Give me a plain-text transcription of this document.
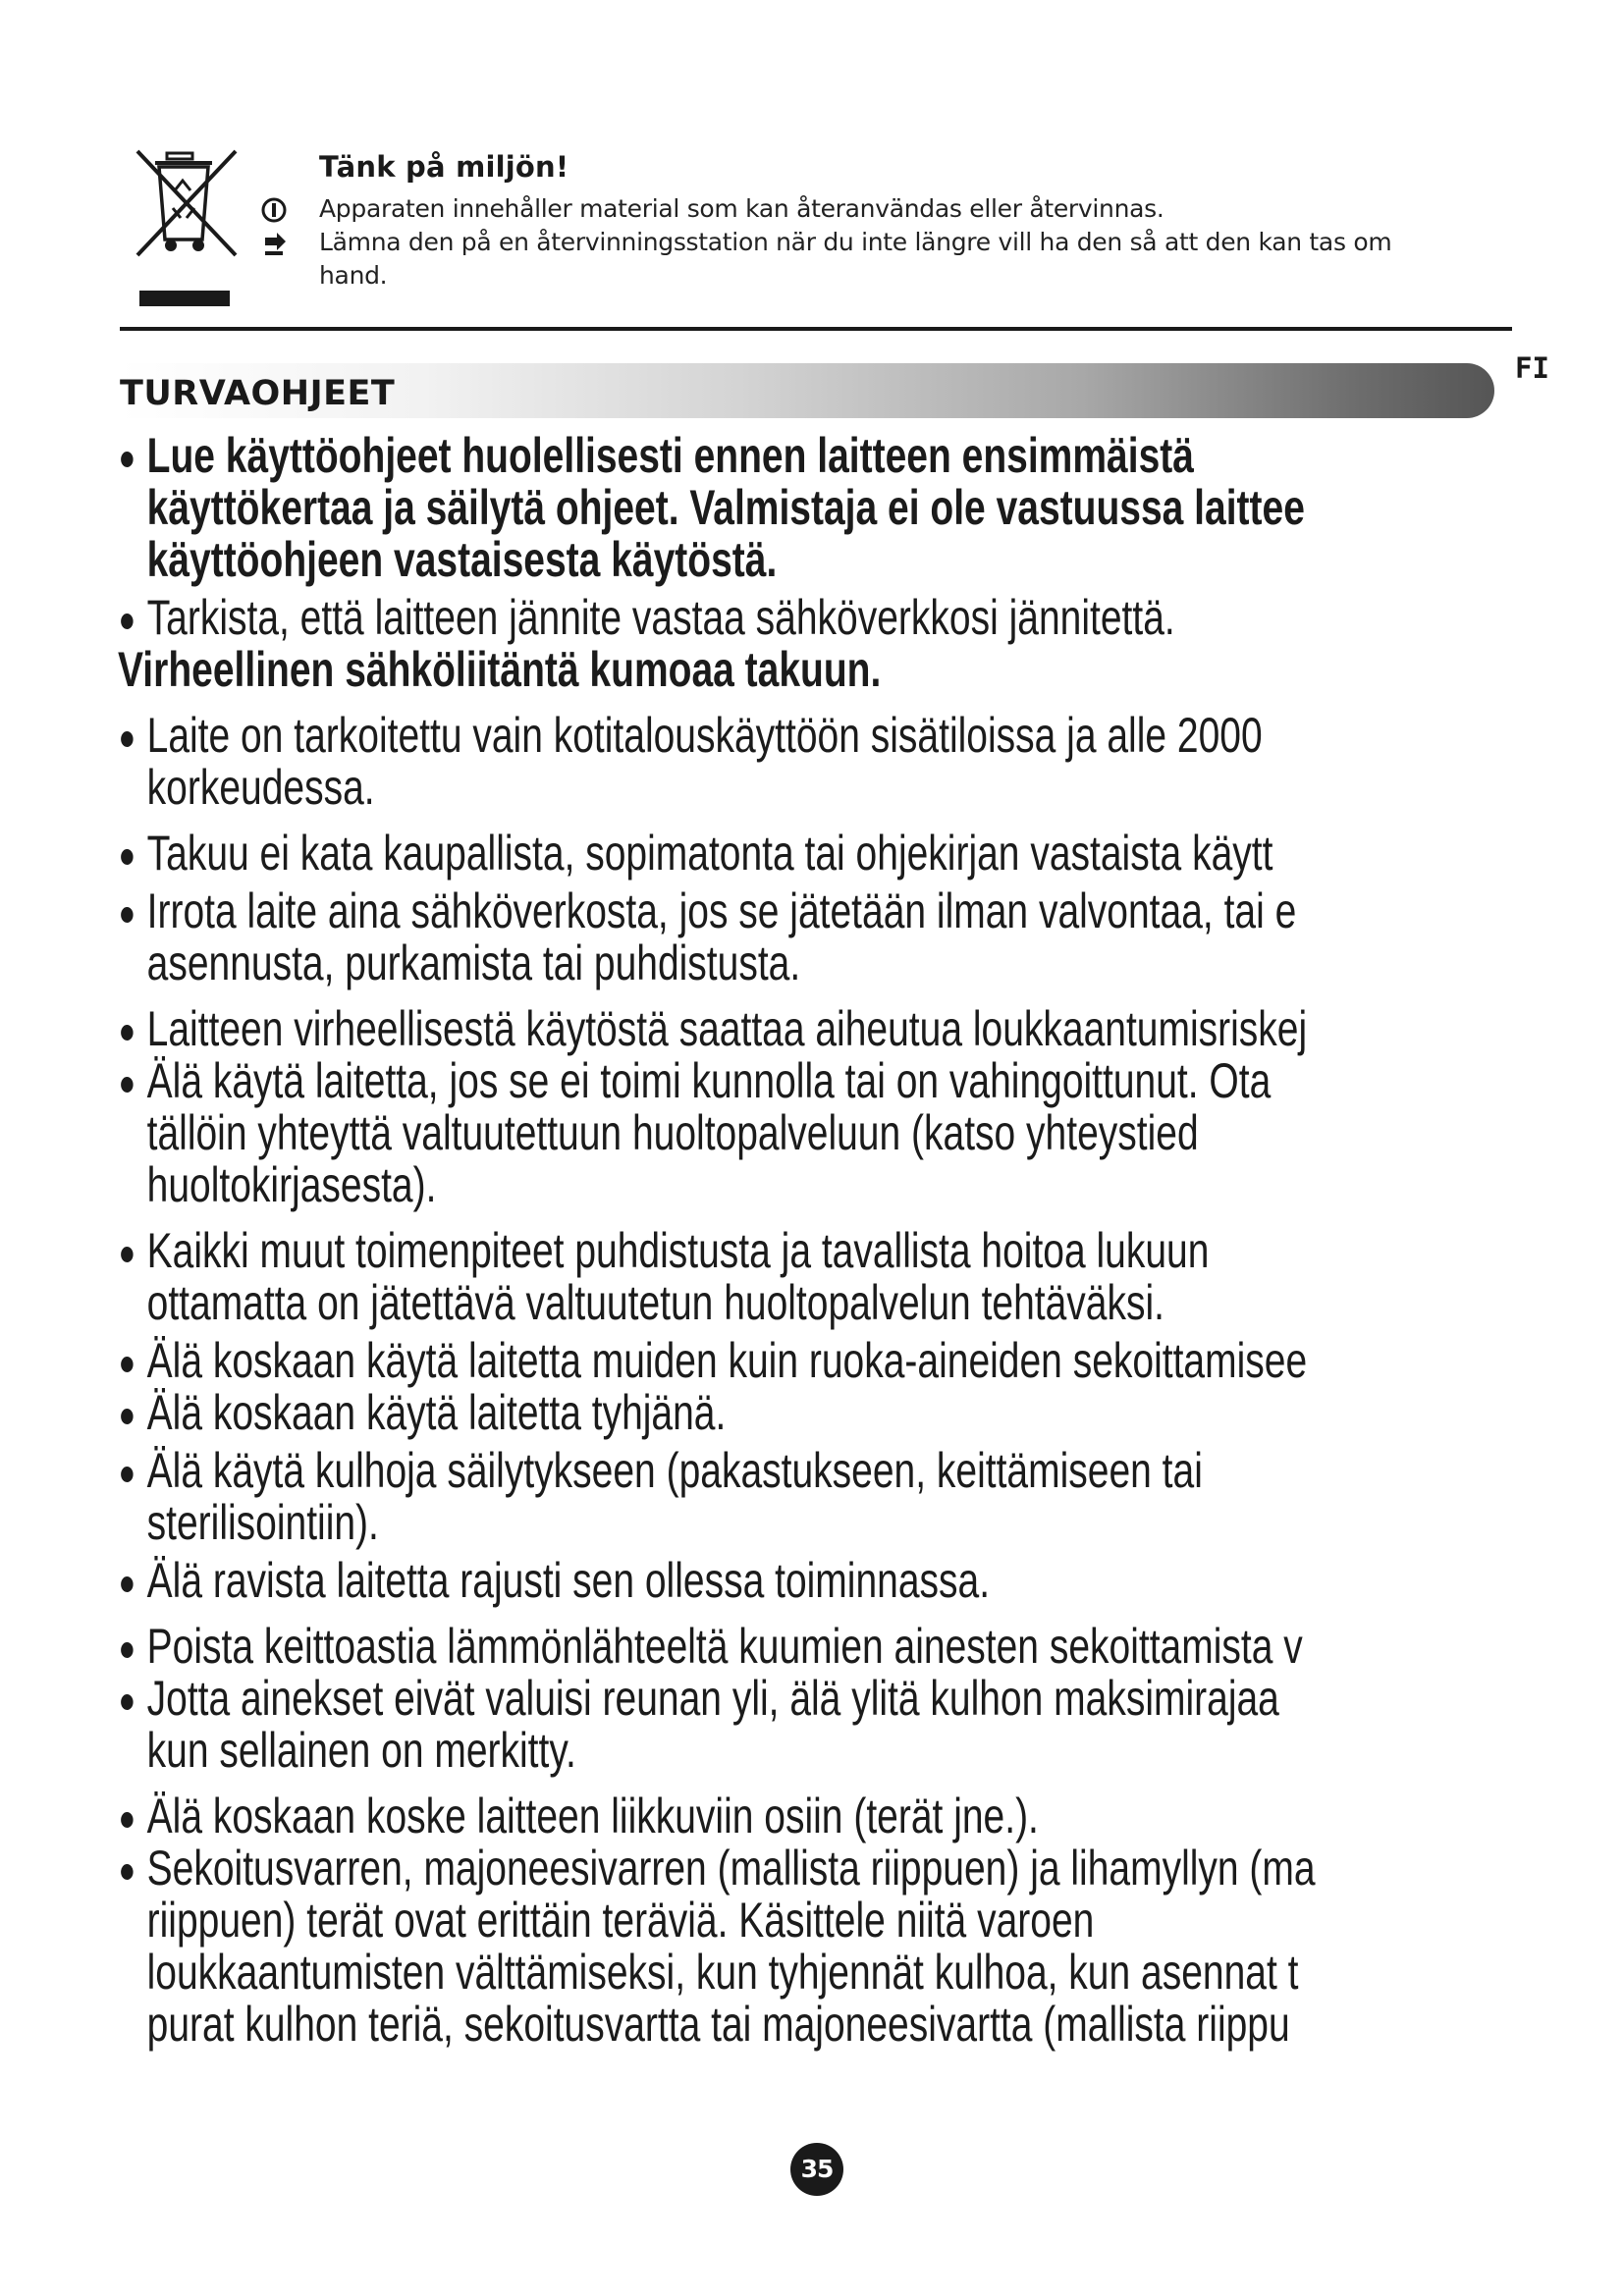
Tänk på miljön!

Apparaten innehåller material som kan återanvändas eller återvinnas.

Lämna den på en återvinningsstation när du inte längre vill ha den så att den kan tas om

hand.

TURVAOHJEET
FI
Lue käyttöohjeet huolellisesti ennen laitteen ensimmäistä
käyttökertaa ja säilytä ohjeet. Valmistaja ei ole vastuussa laittee
käyttöohjeen vastaisesta käytöstä.
Tarkista, että laitteen jännite vastaa sähköverkkosi jännitettä.
Virheellinen sähköliitäntä kumoaa takuun.
Laite on tarkoitettu vain kotitalouskäyttöön sisätiloissa ja alle 2000
korkeudessa.
Takuu ei kata kaupallista, sopimatonta tai ohjekirjan vastaista käytt
Irrota laite aina sähköverkosta, jos se jätetään ilman valvontaa, tai e
asennusta, purkamista tai puhdistusta.
Laitteen virheellisestä käytöstä saattaa aiheutua loukkaantumisriskej
Älä käytä laitetta, jos se ei toimi kunnolla tai on vahingoittunut. Ota
tällöin yhteyttä valtuutettuun huoltopalveluun (katso yhteystied
huoltokirjasesta).
Kaikki muut toimenpiteet puhdistusta ja tavallista hoitoa lukuun
ottamatta on jätettävä valtuutetun huoltopalvelun tehtäväksi.
Älä koskaan käytä laitetta muiden kuin ruoka-aineiden sekoittamisee
Älä koskaan käytä laitetta tyhjänä.
Älä käytä kulhoja säilytykseen (pakastukseen, keittämiseen tai
sterilisointiin).
Älä ravista laitetta rajusti sen ollessa toiminnassa.
Poista keittoastia lämmönlähteeltä kuumien ainesten sekoittamista v
Jotta ainekset eivät valuisi reunan yli, älä ylitä kulhon maksimirajaa
kun sellainen on merkitty.
Älä koskaan koske laitteen liikkuviin osiin (terät jne.).
Sekoitusvarren, majoneesivarren (mallista riippuen) ja lihamyllyn (ma
riippuen) terät ovat erittäin teräviä. Käsittele niitä varoen
loukkaantumisten välttämiseksi, kun tyhjennät kulhoa, kun asennat t
purat kulhon teriä, sekoitusvartta tai majoneesivartta (mallista riippu
35
